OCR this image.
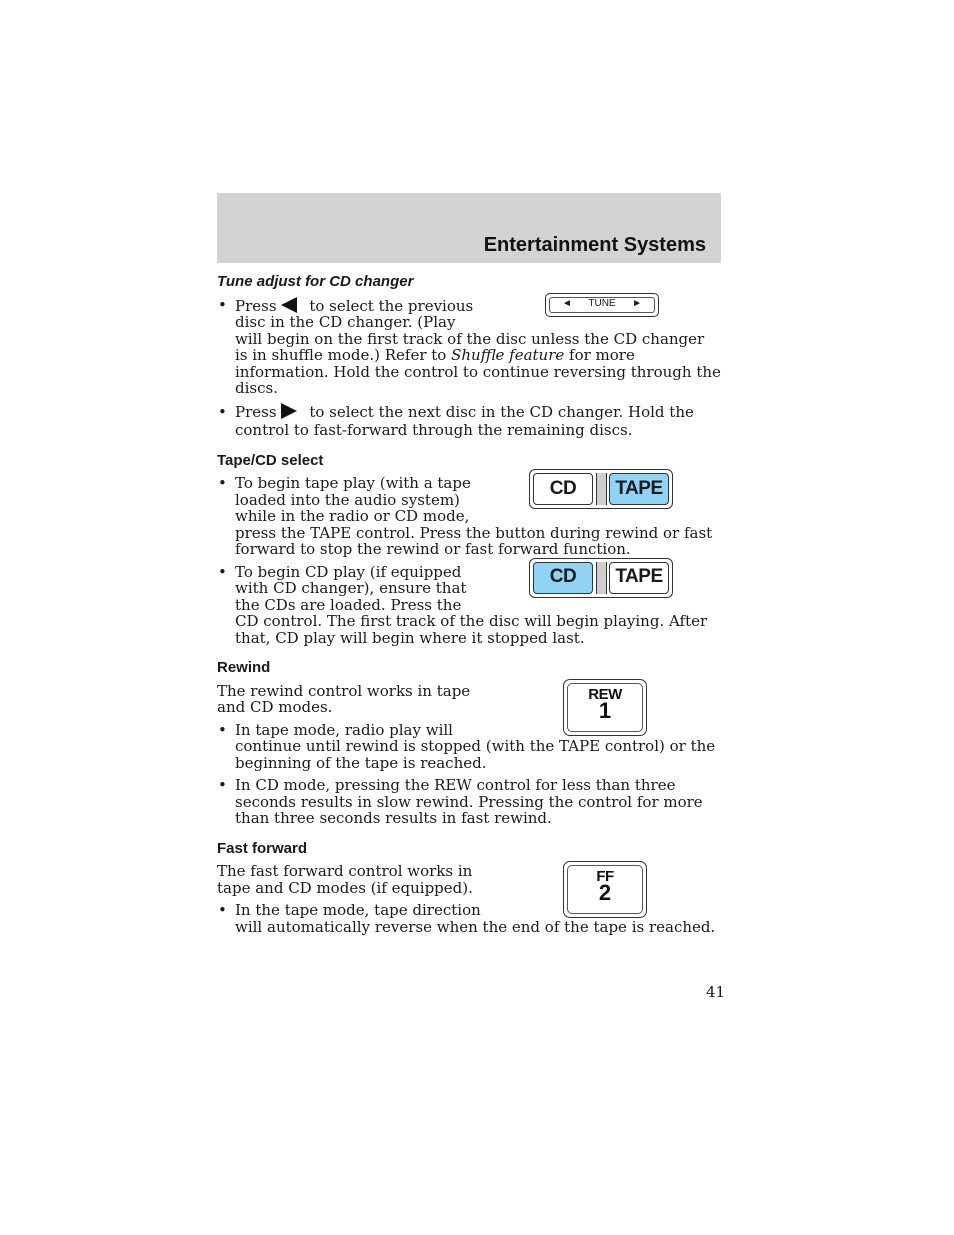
Entertainment Systems
Tune adjust for CD changer
• ◄ TUNE ►
Press to select the previous disc in the CD changer. (Play will begin on the first track of the disc unless the CD changer is in shuffle mode.) Refer to Shuffle feature for more information. Hold the control to continue reversing through the discs.
• Press to select the next disc in the CD changer. Hold the control to fast-forward through the remaining discs.
Tape/CD select
• CD	TAPE
To begin tape play (with a tape loaded into the audio system) while in the radio or CD mode, press the TAPE control. Press the button during rewind or fast forward to stop the rewind or fast forward function.
• CD	TAPE
To begin CD play (if equipped with CD changer), ensure that the CDs are loaded. Press the CD control. The first track of the disc will begin playing. After that, CD play will begin where it stopped last.
Rewind
REW
1
The rewind control works in tape and CD modes.
• In tape mode, radio play will continue until rewind is stopped (with the TAPE control) or the beginning of the tape is reached.
• In CD mode, pressing the REW control for less than three seconds results in slow rewind. Pressing the control for more than three seconds results in fast rewind.
Fast forward
FF
2
The fast forward control works in tape and CD modes (if equipped).
• In the tape mode, tape direction will automatically reverse when the end of the tape is reached.
41
